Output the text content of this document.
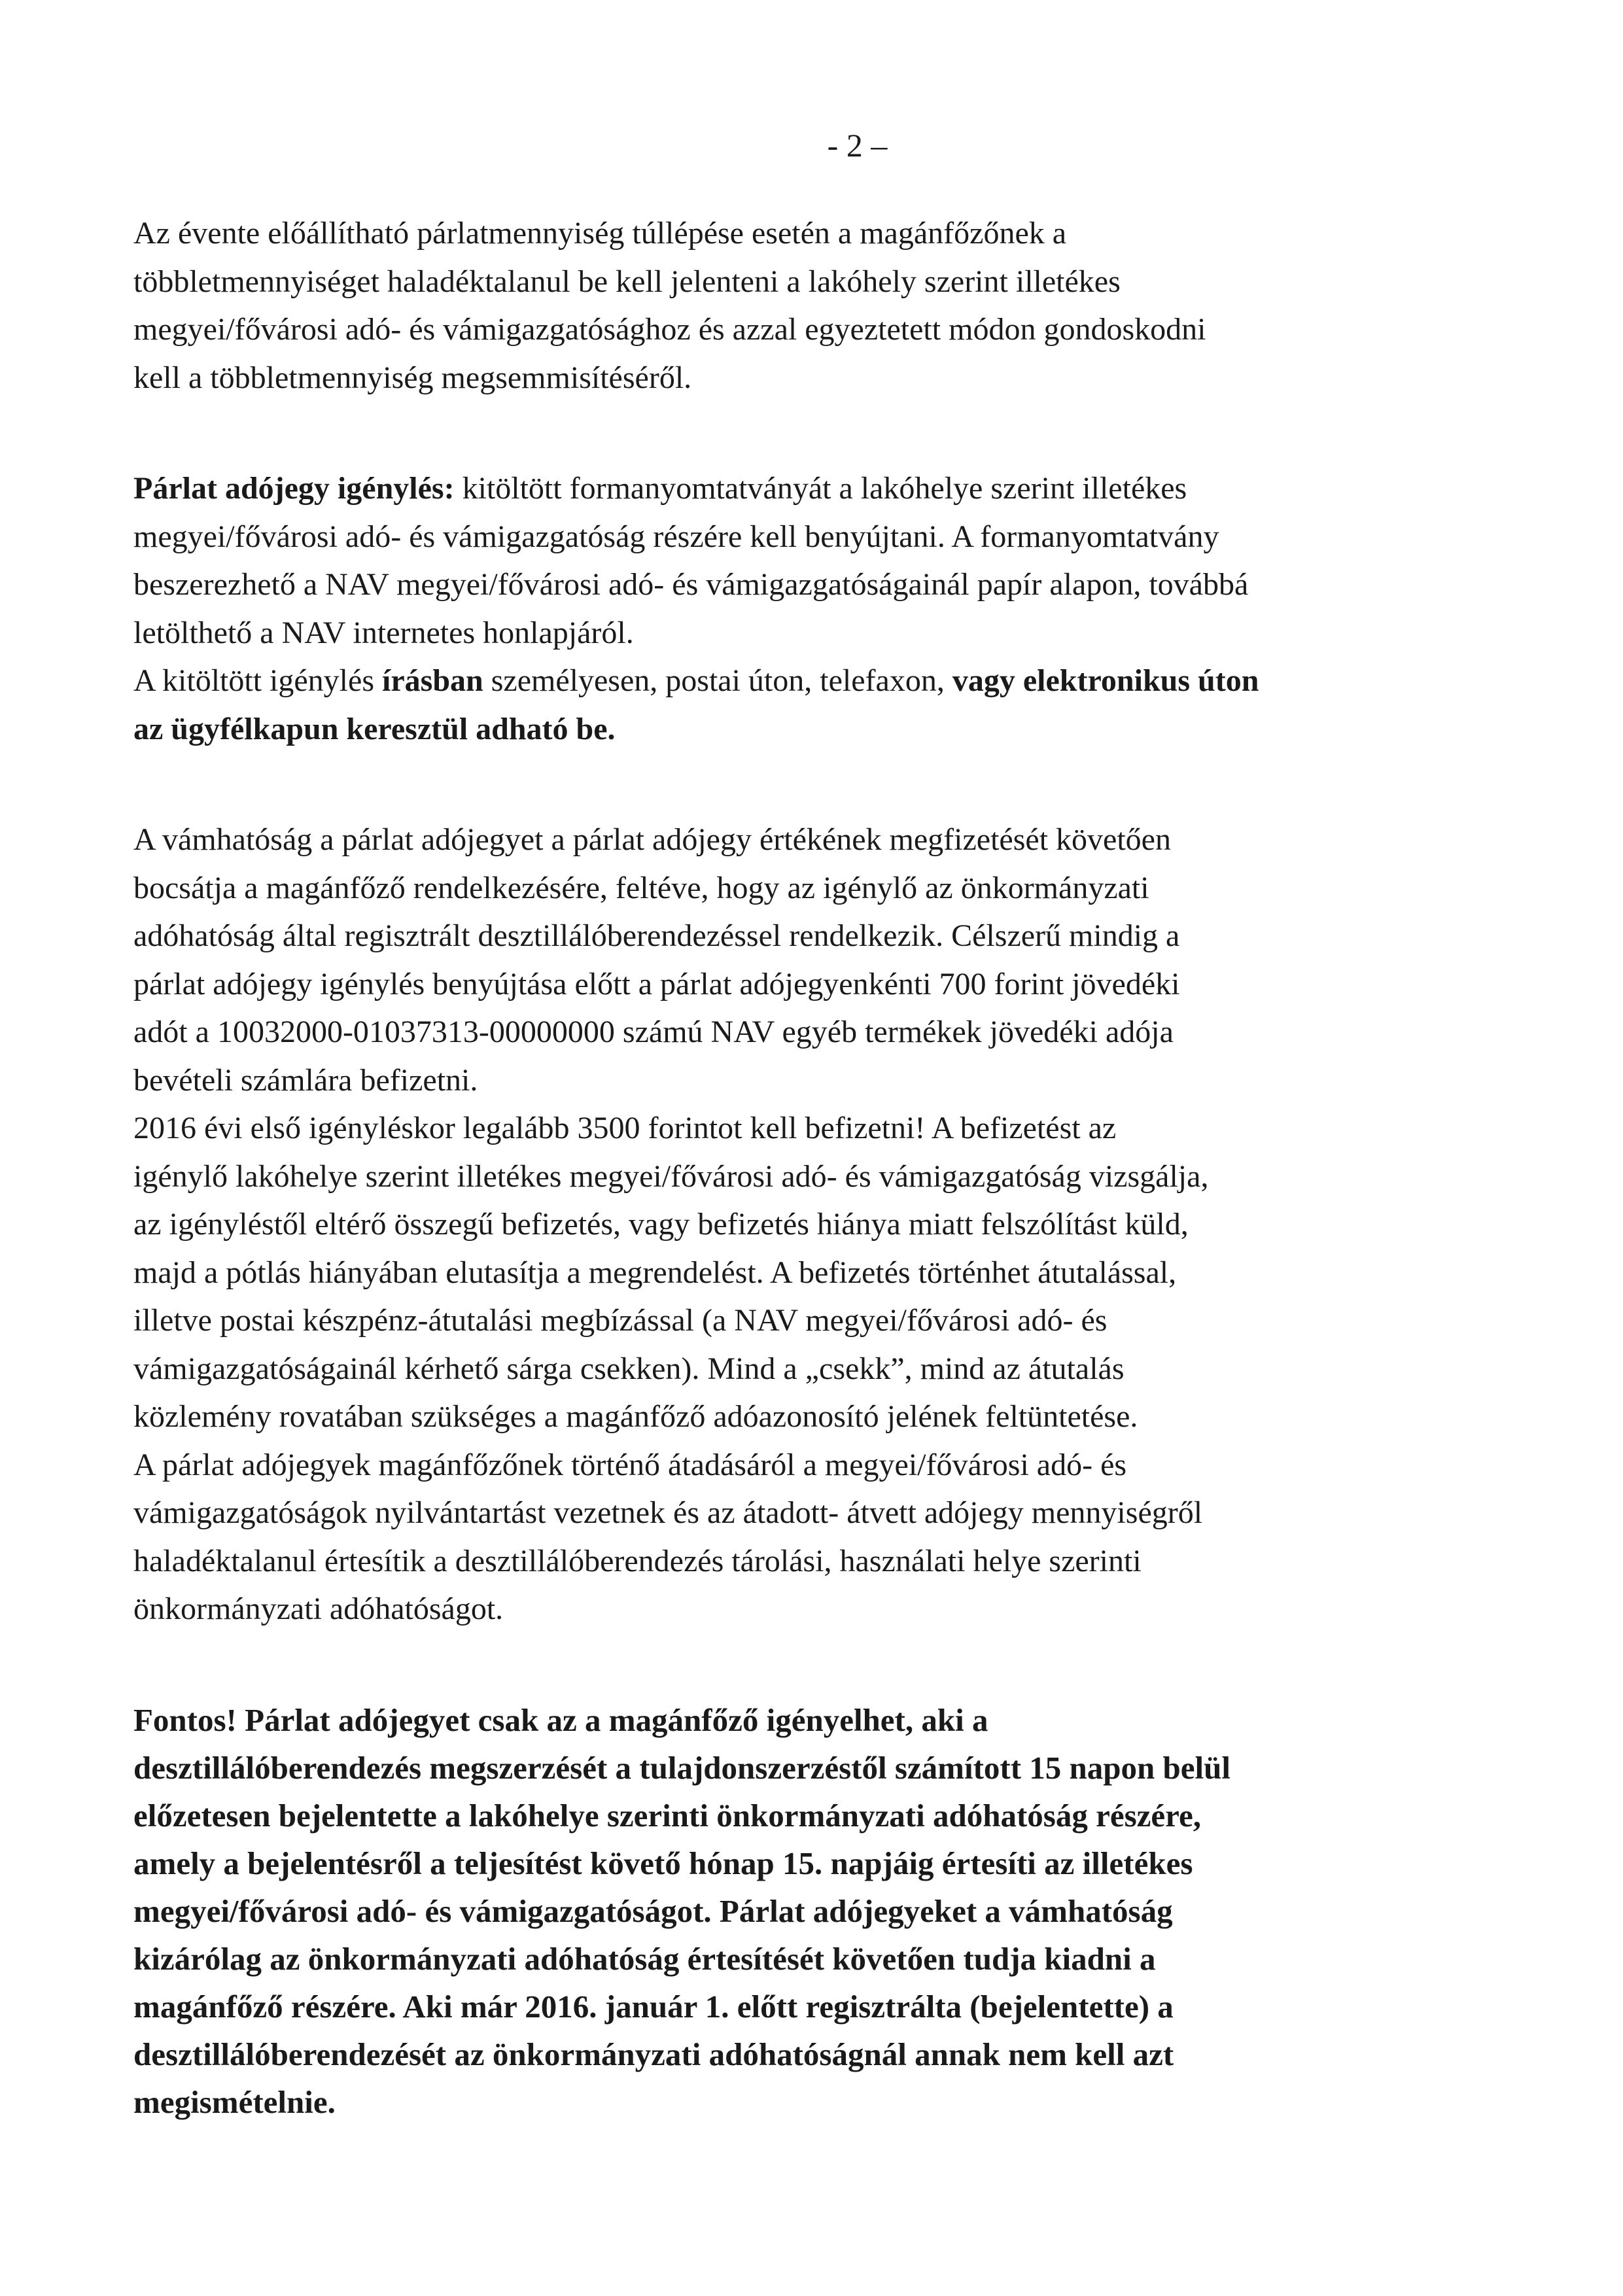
- 2 –
Az évente előállítható párlatmennyiség túllépése esetén a magánfőzőnek a
többletmennyiséget haladéktalanul be kell jelenteni a lakóhely szerint illetékes
megyei/fővárosi adó- és vámigazgatósághoz és azzal egyeztetett módon gondoskodni
kell a többletmennyiség megsemmisítéséről.
Párlat adójegy igénylés: kitöltött formanyomtatványát a lakóhelye szerint illetékes
megyei/fővárosi adó- és vámigazgatóság részére kell benyújtani. A formanyomtatvány
beszerezhető a NAV megyei/fővárosi adó- és vámigazgatóságainál papír alapon, továbbá
letölthető a NAV internetes honlapjáról.
A kitöltött igénylés írásban személyesen, postai úton, telefaxon, vagy elektronikus úton
az ügyfélkapun keresztül adható be.
A vámhatóság a párlat adójegyet a párlat adójegy értékének megfizetését követően
bocsátja a magánfőző rendelkezésére, feltéve, hogy az igénylő az önkormányzati
adóhatóság által regisztrált desztillálóberendezéssel rendelkezik. Célszerű mindig a
párlat adójegy igénylés benyújtása előtt a párlat adójegyenkénti 700 forint jövedéki
adót a 10032000-01037313-00000000 számú NAV egyéb termékek jövedéki adója
bevételi számlára befizetni.
2016 évi első igényléskor legalább 3500 forintot kell befizetni! A befizetést az
igénylő lakóhelye szerint illetékes megyei/fővárosi adó- és vámigazgatóság vizsgálja,
az igényléstől eltérő összegű befizetés, vagy befizetés hiánya miatt felszólítást küld,
majd a pótlás hiányában elutasítja a megrendelést. A befizetés történhet átutalással,
illetve postai készpénz-átutalási megbízással (a NAV megyei/fővárosi adó- és
vámigazgatóságainál kérhető sárga csekken). Mind a „csekk”, mind az átutalás
közlemény rovatában szükséges a magánfőző adóazonosító jelének feltüntetése.
A párlat adójegyek magánfőzőnek történő átadásáról a megyei/fővárosi adó- és
vámigazgatóságok nyilvántartást vezetnek és az átadott- átvett adójegy mennyiségről
haladéktalanul értesítik a desztillálóberendezés tárolási, használati helye szerinti
önkormányzati adóhatóságot.
Fontos! Párlat adójegyet csak az a magánfőző igényelhet, aki a
desztillálóberendezés megszerzését a tulajdonszerzéstől számított 15 napon belül
előzetesen bejelentette a lakóhelye szerinti önkormányzati adóhatóság részére,
amely a bejelentésről a teljesítést követő hónap 15. napjáig értesíti az illetékes
megyei/fővárosi adó- és vámigazgatóságot. Párlat adójegyeket a vámhatóság
kizárólag az önkormányzati adóhatóság értesítését követően tudja kiadni a
magánfőző részére. Aki már 2016. január 1. előtt regisztrálta (bejelentette) a
desztillálóberendezését az önkormányzati adóhatóságnál annak nem kell azt
megismételnie.
